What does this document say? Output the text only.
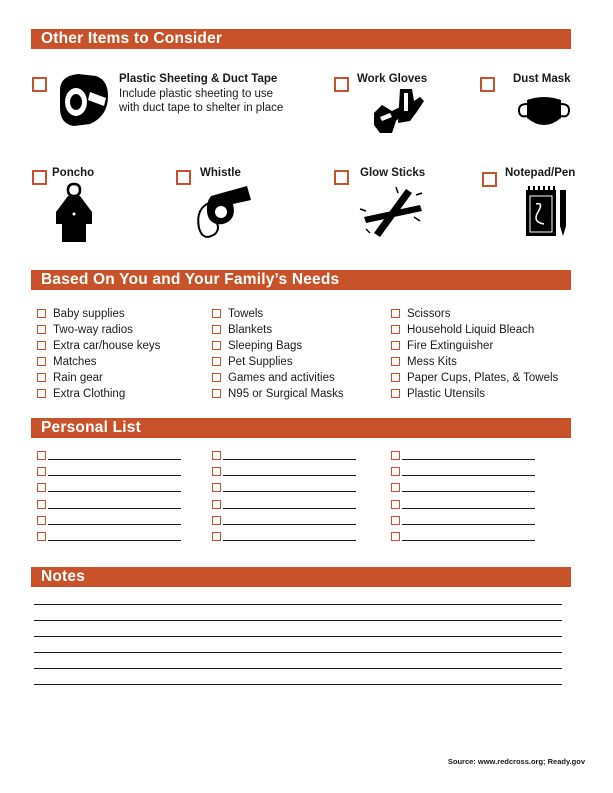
Other Items to Consider
Plastic Sheeting & Duct Tape
Include plastic sheeting to use
with duct tape to shelter in place
Work Gloves	Dust Mask
Poncho	Whistle	Glow Sticks	Notepad/Pen
Based On You and Your Family’s Needs
Baby supplies
Two-way radios
Extra car/house keys
Matches
Rain gear
Extra Clothing
Towels
Blankets
Sleeping Bags
Pet Supplies
Games and activities
N95 or Surgical Masks
Scissors
Household Liquid Bleach
Fire Extinguisher
Mess Kits
Paper Cups, Plates, & Towels
Plastic Utensils
Personal List
Notes
Source: www.redcross.org; Ready.gov
